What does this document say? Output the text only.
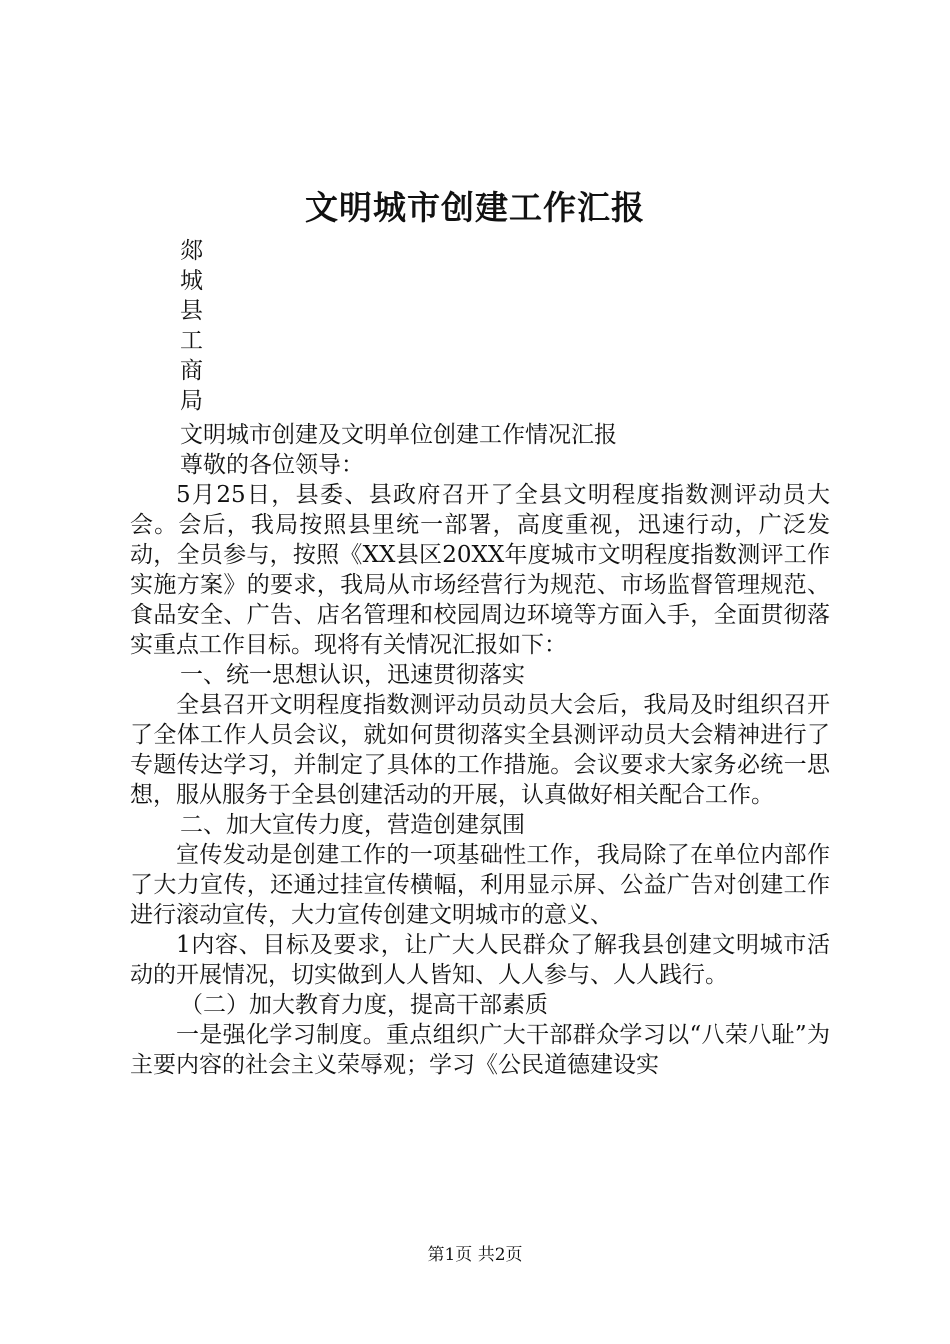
文明城市创建工作汇报
郯
城
县
工
商
局

文明城市创建及文明单位创建工作情况汇报

尊敬的各位领导：

5月25日，县委、县政府召开了全县文明程度指数测评动员大会。会后，我局按照县里统一部署，高度重视，迅速行动，广泛发动，全员参与，按照《XX县区20XX年度城市文明程度指数测评工作实施方案》的要求，我局从市场经营行为规范、市场监督管理规范、食品安全、广告、店名管理和校园周边环境等方面入手，全面贯彻落实重点工作目标。现将有关情况汇报如下：

一、统一思想认识，迅速贯彻落实

全县召开文明程度指数测评动员动员大会后，我局及时组织召开了全体工作人员会议，就如何贯彻落实全县测评动员大会精神进行了专题传达学习，并制定了具体的工作措施。会议要求大家务必统一思想，服从服务于全县创建活动的开展，认真做好相关配合工作。

二、加大宣传力度，营造创建氛围

宣传发动是创建工作的一项基础性工作，我局除了在单位内部作了大力宣传，还通过挂宣传横幅，利用显示屏、公益广告对创建工作进行滚动宣传，大力宣传创建文明城市的意义、

1内容、目标及要求，让广大人民群众了解我县创建文明城市活动的开展情况，切实做到人人皆知、人人参与、人人践行。

（二）加大教育力度，提高干部素质

一是强化学习制度。重点组织广大干部群众学习以“八荣八耻”为主要内容的社会主义荣辱观；学习《公民道德建设实

第1页 共2页
